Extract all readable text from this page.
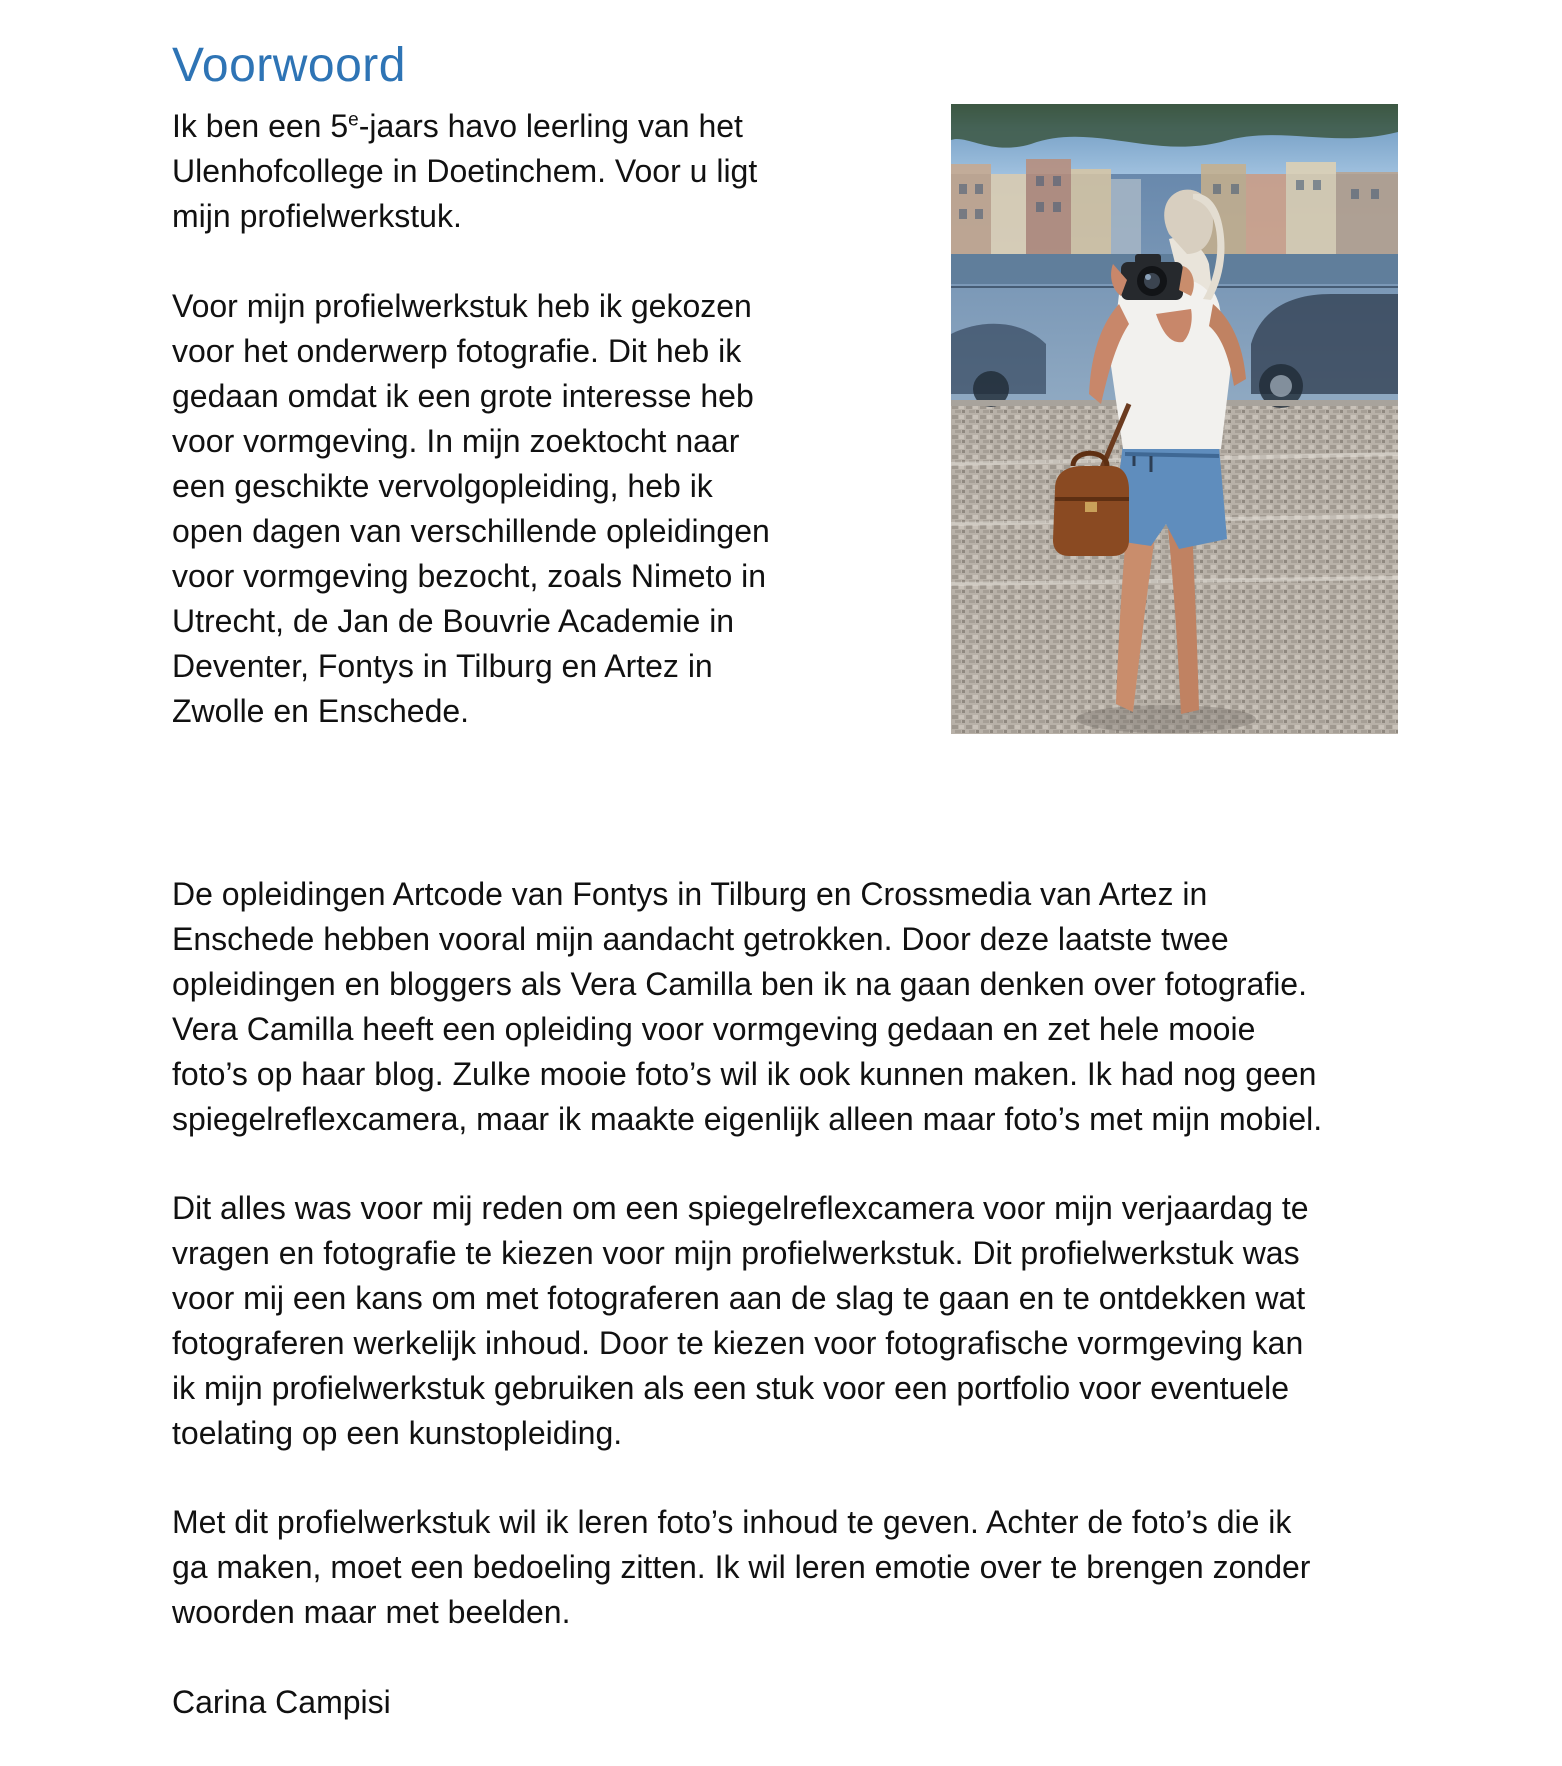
Voorwoord

Ik ben een 5e-jaars havo leerling van het
Ulenhofcollege in Doetinchem. Voor u ligt
mijn profielwerkstuk.

Voor mijn profielwerkstuk heb ik gekozen
voor het onderwerp fotografie. Dit heb ik
gedaan omdat ik een grote interesse heb
voor vormgeving. In mijn zoektocht naar
een geschikte vervolgopleiding, heb ik
open dagen van verschillende opleidingen
voor vormgeving bezocht, zoals Nimeto in
Utrecht, de Jan de Bouvrie Academie in
Deventer, Fontys in Tilburg en Artez in
Zwolle en Enschede.

De opleidingen Artcode van Fontys in Tilburg en Crossmedia van Artez in
Enschede hebben vooral mijn aandacht getrokken. Door deze laatste twee
opleidingen en bloggers als Vera Camilla ben ik na gaan denken over fotografie.
Vera Camilla heeft een opleiding voor vormgeving gedaan en zet hele mooie
foto’s op haar blog. Zulke mooie foto’s wil ik ook kunnen maken. Ik had nog geen
spiegelreflexcamera, maar ik maakte eigenlijk alleen maar foto’s met mijn mobiel.

Dit alles was voor mij reden om een spiegelreflexcamera voor mijn verjaardag te
vragen en fotografie te kiezen voor mijn profielwerkstuk. Dit profielwerkstuk was
voor mij een kans om met fotograferen aan de slag te gaan en te ontdekken wat
fotograferen werkelijk inhoud. Door te kiezen voor fotografische vormgeving kan
ik mijn profielwerkstuk gebruiken als een stuk voor een portfolio voor eventuele
toelating op een kunstopleiding.

Met dit profielwerkstuk wil ik leren foto’s inhoud te geven. Achter de foto’s die ik
ga maken, moet een bedoeling zitten. Ik wil leren emotie over te brengen zonder
woorden maar met beelden.

Carina Campisi
